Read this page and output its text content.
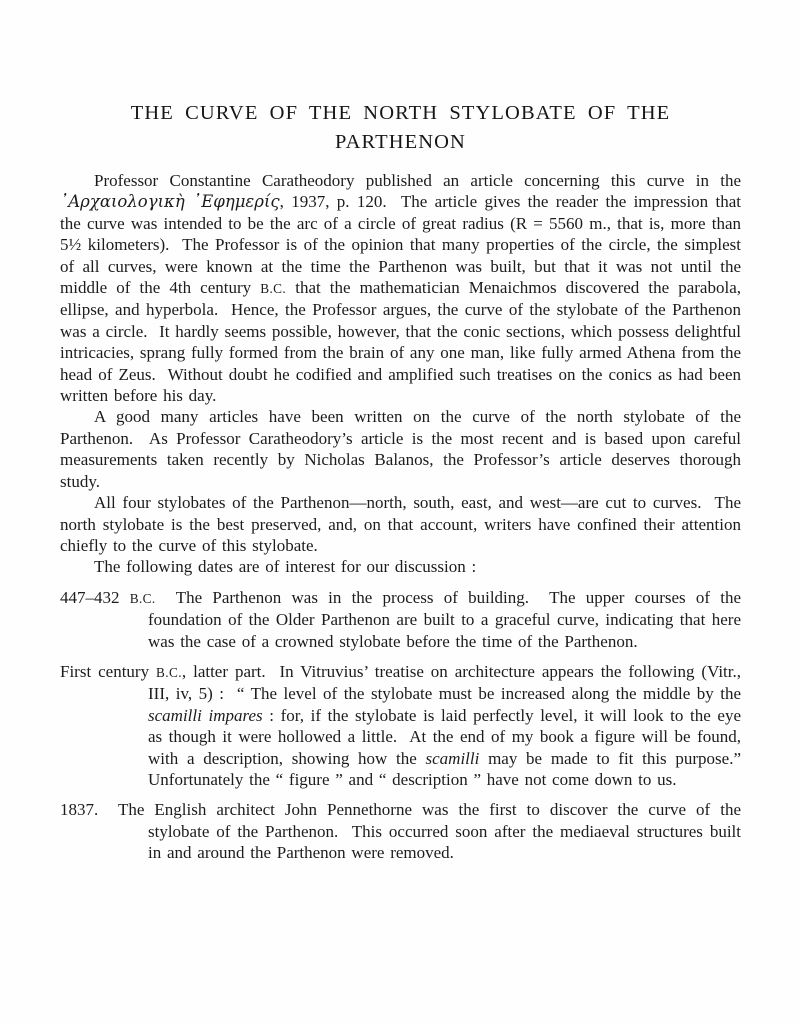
THE CURVE OF THE NORTH STYLOBATE OF THE
PARTHENON

Professor Constantine Caratheodory published an article concerning this curve in the ᾿Αρχαιολογικὴ ᾿Εφημερίς, 1937, p. 120.  The article gives the reader the impression that the curve was intended to be the arc of a circle of great radius (R = 5560 m., that is, more than 5½ kilometers).  The Professor is of the opinion that many properties of the circle, the simplest of all curves, were known at the time the Parthenon was built, but that it was not until the middle of the 4th century B.C. that the mathematician Menaichmos discovered the parabola, ellipse, and hyperbola.  Hence, the Professor argues, the curve of the stylobate of the Parthenon was a circle.  It hardly seems possible, however, that the conic sections, which possess delightful intricacies, sprang fully formed from the brain of any one man, like fully armed Athena from the head of Zeus.  Without doubt he codified and amplified such treatises on the conics as had been written before his day.

A good many articles have been written on the curve of the north stylobate of the Parthenon.  As Professor Caratheodory’s article is the most recent and is based upon careful measurements taken recently by Nicholas Balanos, the Professor’s article deserves thorough study.

All four stylobates of the Parthenon—north, south, east, and west—are cut to curves.  The north stylobate is the best preserved, and, on that account, writers have confined their attention chiefly to the curve of this stylobate.

The following dates are of interest for our discussion :

447–432 B.C.  The Parthenon was in the process of building.  The upper courses of the foundation of the Older Parthenon are built to a graceful curve, indicating that here was the case of a crowned stylobate before the time of the Parthenon.

First century B.C., latter part.  In Vitruvius’ treatise on architecture appears the following (Vitr., III, iv, 5) :  “ The level of the stylobate must be increased along the middle by the scamilli impares : for, if the stylobate is laid perfectly level, it will look to the eye as though it were hollowed a little.  At the end of my book a figure will be found, with a description, showing how the scamilli may be made to fit this purpose.”  Unfortunately the “ figure ” and “ description ” have not come down to us.

1837.  The English architect John Pennethorne was the first to discover the curve of the stylobate of the Parthenon.  This occurred soon after the mediaeval structures built in and around the Parthenon were removed.
